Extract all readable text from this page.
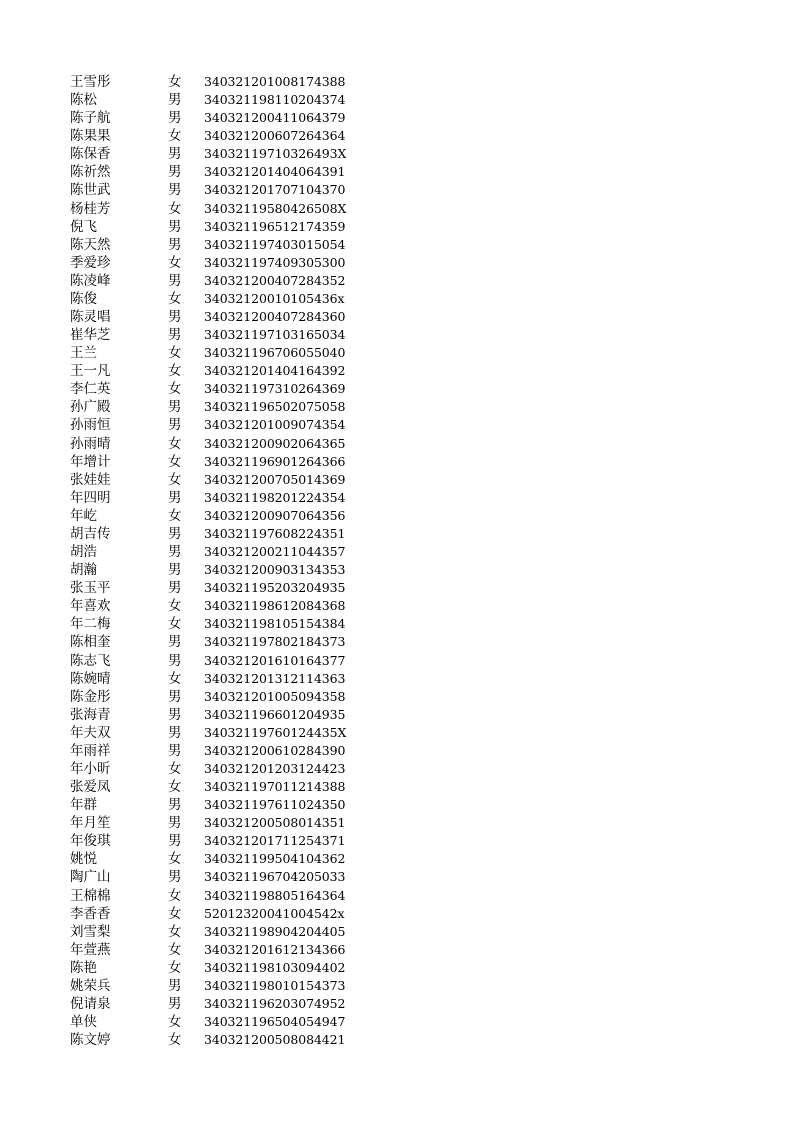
王雪彤	女 340321201008174388
陈松	男 340321198110204374
陈子航	男 340321200411064379
陈果果	女 340321200607264364
陈保香	男 34032119710326493X
陈祈然	男 340321201404064391
陈世武	男 340321201707104370
杨桂芳	女 34032119580426508X
倪飞	男 340321196512174359
陈天然	男 340321197403015054
季爱珍	女 340321197409305300
陈凌峰	男 340321200407284352
陈俊	女 34032120010105436x
陈灵唱	男 340321200407284360
崔华芝	男 340321197103165034
王兰	女 340321196706055040
王一凡	女 340321201404164392
李仁英	女 340321197310264369
孙广殿	男 340321196502075058
孙雨恒	男 340321201009074354
孙雨晴	女 340321200902064365
年增计	女 340321196901264366
张娃娃	女 340321200705014369
年四明	男 340321198201224354
年屹	女 340321200907064356
胡吉传	男 340321197608224351
胡浩	男 340321200211044357
胡瀚	男 340321200903134353
张玉平	男 340321195203204935
年喜欢	女 340321198612084368
年二梅	女 340321198105154384
陈相奎	男 340321197802184373
陈志飞	男 340321201610164377
陈婉晴	女 340321201312114363
陈金彤	男 340321201005094358
张海青	男 340321196601204935
年夫双	男 34032119760124435X
年雨祥	男 340321200610284390
年小昕	女 340321201203124423
张爱凤	女 340321197011214388
年群	男 340321197611024350
年月笙	男 340321200508014351
年俊琪	男 340321201711254371
姚悦	女 340321199504104362
陶广山	男 340321196704205033
王棉棉	女 340321198805164364
李香香	女 52012320041004542x
刘雪梨	女 340321198904204405
年萱燕	女 340321201612134366
陈艳	女 340321198103094402
姚荣兵	男 340321198010154373
倪请泉	男 340321196203074952
单侠	女 340321196504054947
陈文婷	女 340321200508084421
